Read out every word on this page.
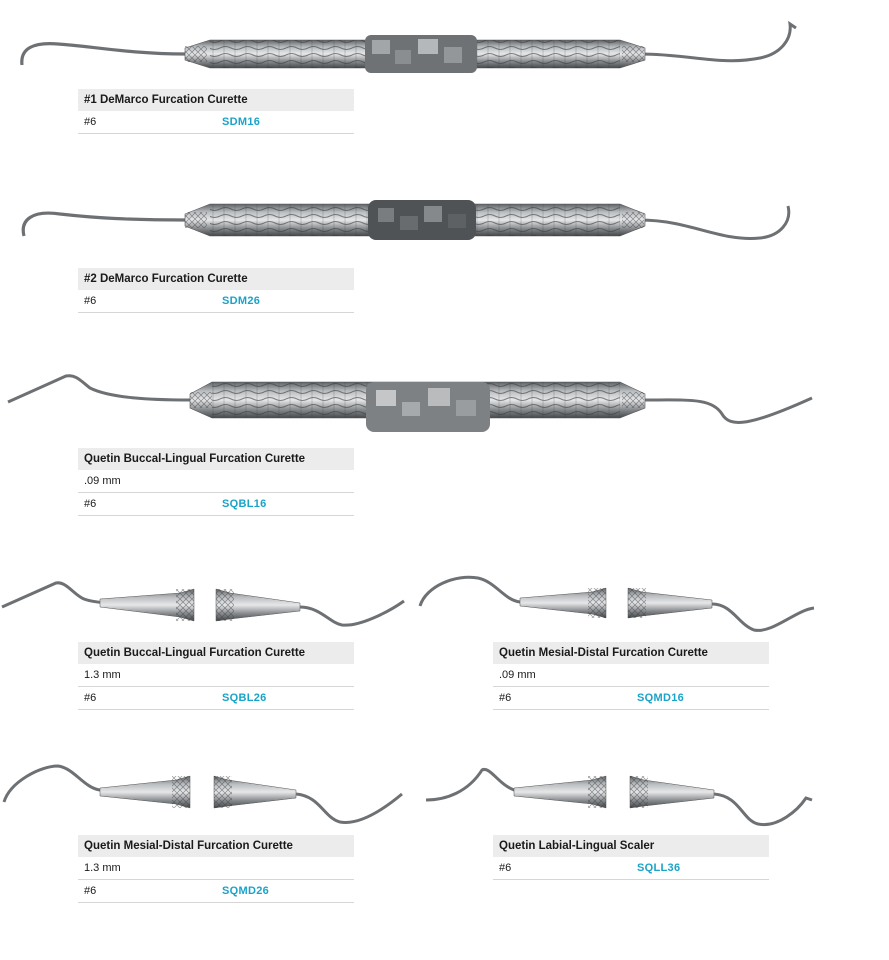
#1 DeMarco Furcation Curette
#6	SDM16
#2 DeMarco Furcation Curette
#6	SDM26
Quetin Buccal-Lingual Furcation Curette
.09 mm
#6	SQBL16
Quetin Buccal-Lingual Furcation Curette
1.3 mm
#6	SQBL26
Quetin Mesial-Distal Furcation Curette
.09 mm
#6	SQMD16
Quetin Mesial-Distal Furcation Curette
1.3 mm
#6	SQMD26
Quetin Labial-Lingual Scaler
#6	SQLL36
